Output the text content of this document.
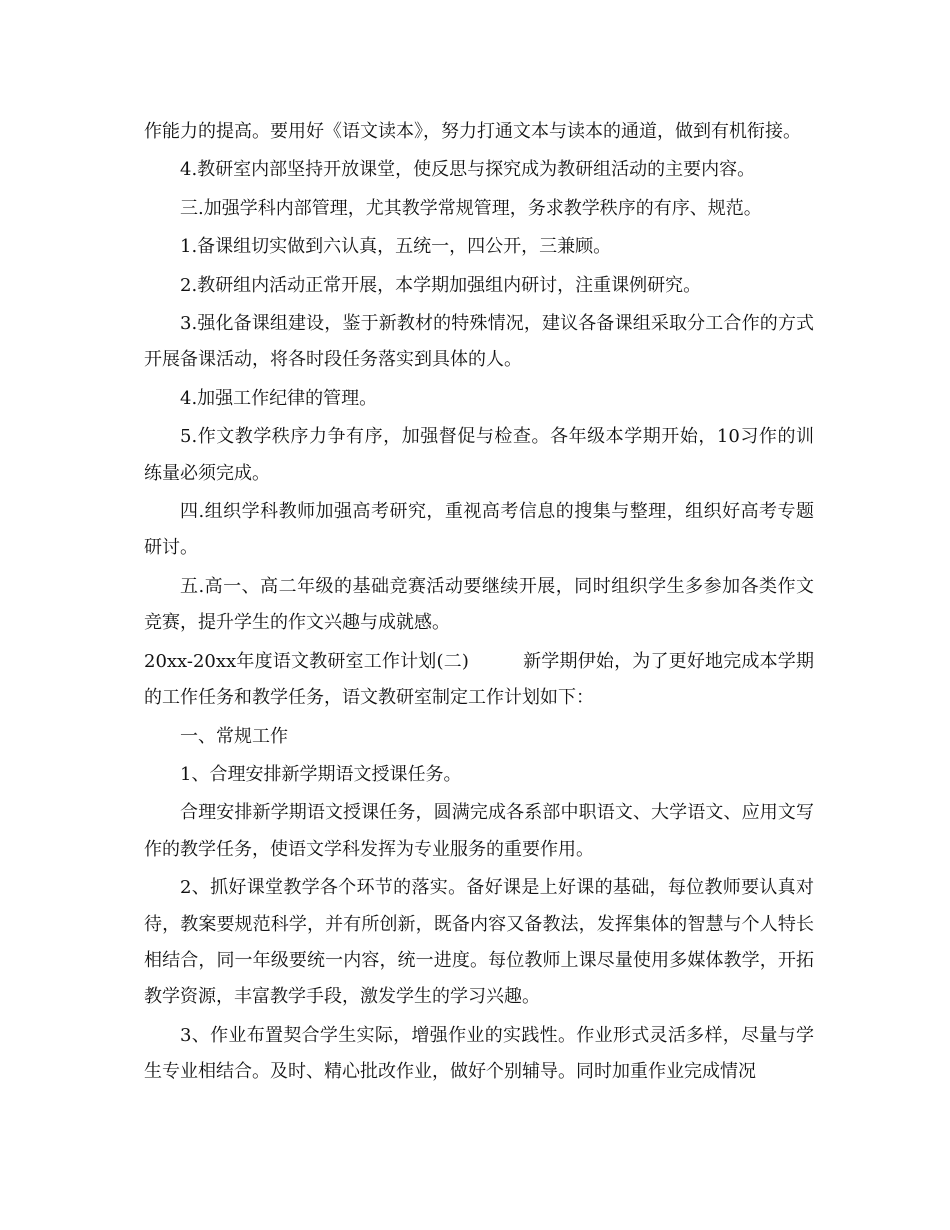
作能力的提高。要用好《语文读本》，努力打通文本与读本的通道，做到有机衔接。

4.教研室内部坚持开放课堂，使反思与探究成为教研组活动的主要内容。

三.加强学科内部管理，尤其教学常规管理，务求教学秩序的有序、规范。

1.备课组切实做到六认真，五统一，四公开，三兼顾。

2.教研组内活动正常开展，本学期加强组内研讨，注重课例研究。

3.强化备课组建设，鉴于新教材的特殊情况，建议各备课组采取分工合作的方式开展备课活动，将各时段任务落实到具体的人。

4.加强工作纪律的管理。

5.作文教学秩序力争有序，加强督促与检查。各年级本学期开始，10习作的训练量必须完成。

四.组织学科教师加强高考研究，重视高考信息的搜集与整理，组织好高考专题研讨。

五.高一、高二年级的基础竞赛活动要继续开展，同时组织学生多参加各类作文竞赛，提升学生的作文兴趣与成就感。

20xx-20xx年度语文教研室工作计划(二)	新学期伊始，为了更好地完成本学期的工作任务和教学任务，语文教研室制定工作计划如下：

一、常规工作

1、合理安排新学期语文授课任务。

合理安排新学期语文授课任务，圆满完成各系部中职语文、大学语文、应用文写作的教学任务，使语文学科发挥为专业服务的重要作用。

2、抓好课堂教学各个环节的落实。备好课是上好课的基础，每位教师要认真对待，教案要规范科学，并有所创新，既备内容又备教法，发挥集体的智慧与个人特长相结合，同一年级要统一内容，统一进度。每位教师上课尽量使用多媒体教学，开拓教学资源，丰富教学手段，激发学生的学习兴趣。

3、作业布置契合学生实际，增强作业的实践性。作业形式灵活多样，尽量与学生专业相结合。及时、精心批改作业，做好个别辅导。同时加重作业完成情况
